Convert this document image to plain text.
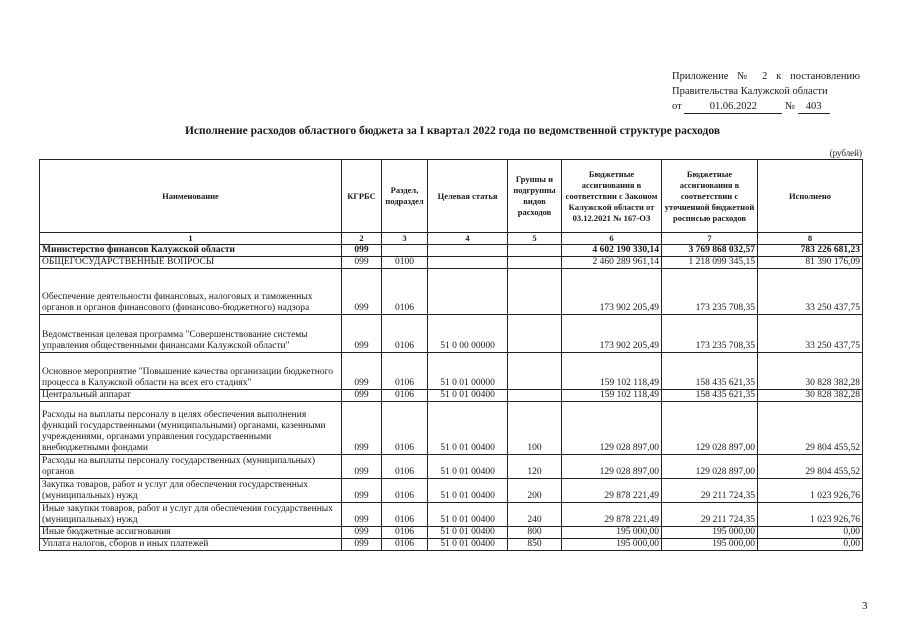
Приложение № 2 к постановлению
Правительства Калужской области
от	01.06.2022	№ 403
Исполнение расходов областного бюджета за I квартал 2022 года по ведомственной структуре расходов
(рублей)
Наименование	КГРБС	Раздел, подраздел	Целевая статья	Группы и подгруппы видов расходов	Бюджетные ассигнования в соответствии с Законом Калужской области от 03.12.2021 № 167-ОЗ	Бюджетные ассигнования в соответствии с уточненной бюджетной росписью расходов	Исполнено
1	2	3	4	5	6	7	8
Министерство финансов Калужской области	099				4 602 190 330,14	3 769 868 032,57	783 226 681,23
ОБЩЕГОСУДАРСТВЕННЫЕ ВОПРОСЫ	099	0100			2 460 289 961,14	1 218 099 345,15	81 390 176,09
Обеспечение деятельности финансовых, налоговых и таможенных органов и органов финансового (финансово-бюджетного) надзора	099	0106			173 902 205,49	173 235 708,35	33 250 437,75
Ведомственная целевая программа "Совершенствование системы управления общественными финансами Калужской области"	099	0106	51 0 00 00000		173 902 205,49	173 235 708,35	33 250 437,75
Основное мероприятие "Повышение качества организации бюджетного процесса в Калужской области на всех его стадиях"	099	0106	51 0 01 00000		159 102 118,49	158 435 621,35	30 828 382,28
Центральный аппарат	099	0106	51 0 01 00400		159 102 118,49	158 435 621,35	30 828 382,28
Расходы на выплаты персоналу в целях обеспечения выполнения функций государственными (муниципальными) органами, казенными учреждениями, органами управления государственными внебюджетными фондами	099	0106	51 0 01 00400	100	129 028 897,00	129 028 897,00	29 804 455,52
Расходы на выплаты персоналу государственных (муниципальных) органов	099	0106	51 0 01 00400	120	129 028 897,00	129 028 897,00	29 804 455,52
Закупка товаров, работ и услуг для обеспечения государственных (муниципальных) нужд	099	0106	51 0 01 00400	200	29 878 221,49	29 211 724,35	1 023 926,76
Иные закупки товаров, работ и услуг для обеспечения государственных (муниципальных) нужд	099	0106	51 0 01 00400	240	29 878 221,49	29 211 724,35	1 023 926,76
Иные бюджетные ассигнования	099	0106	51 0 01 00400	800	195 000,00	195 000,00	0,00
Уплата налогов, сборов и иных платежей	099	0106	51 0 01 00400	850	195 000,00	195 000,00	0,00
3
